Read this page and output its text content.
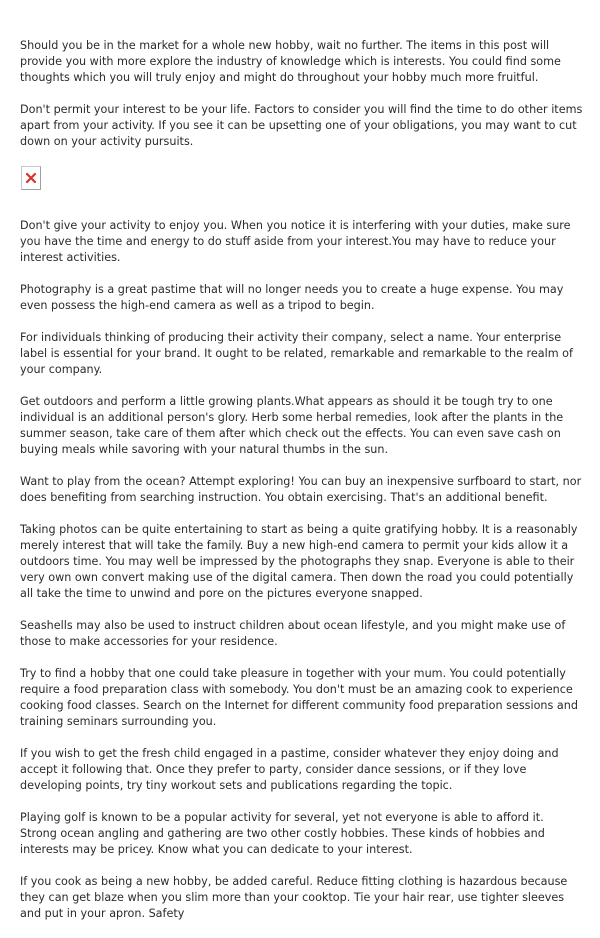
Should you be in the market for a whole new hobby, wait no further. The items in this post will provide you with more explore the industry of knowledge which is interests. You could find some thoughts which you will truly enjoy and might do throughout your hobby much more fruitful.

Don't permit your interest to be your life. Factors to consider you will find the time to do other items apart from your activity. If you see it can be upsetting one of your obligations, you may want to cut down on your activity pursuits.

Don't give your activity to enjoy you. When you notice it is interfering with your duties, make sure you have the time and energy to do stuff aside from your interest.You may have to reduce your interest activities.

Photography is a great pastime that will no longer needs you to create a huge expense. You may even possess the high-end camera as well as a tripod to begin.

For individuals thinking of producing their activity their company, select a name. Your enterprise label is essential for your brand. It ought to be related, remarkable and remarkable to the realm of your company.

Get outdoors and perform a little growing plants.What appears as should it be tough try to one individual is an additional person's glory. Herb some herbal remedies, look after the plants in the summer season, take care of them after which check out the effects. You can even save cash on buying meals while savoring with your natural thumbs in the sun.

Want to play from the ocean? Attempt exploring! You can buy an inexpensive surfboard to start, nor does benefiting from searching instruction. You obtain exercising. That's an additional benefit.

Taking photos can be quite entertaining to start as being a quite gratifying hobby. It is a reasonably merely interest that will take the family. Buy a new high-end camera to permit your kids allow it a outdoors time. You may well be impressed by the photographs they snap. Everyone is able to their very own own convert making use of the digital camera. Then down the road you could potentially all take the time to unwind and pore on the pictures everyone snapped.

Seashells may also be used to instruct children about ocean lifestyle, and you might make use of those to make accessories for your residence.

Try to find a hobby that one could take pleasure in together with your mum. You could potentially require a food preparation class with somebody. You don't must be an amazing cook to experience cooking food classes. Search on the Internet for different community food preparation sessions and training seminars surrounding you.

If you wish to get the fresh child engaged in a pastime, consider whatever they enjoy doing and accept it following that. Once they prefer to party, consider dance sessions, or if they love developing points, try tiny workout sets and publications regarding the topic.

Playing golf is known to be a popular activity for several, yet not everyone is able to afford it. Strong ocean angling and gathering are two other costly hobbies. These kinds of hobbies and interests may be pricey. Know what you can dedicate to your interest.

If you cook as being a new hobby, be added careful. Reduce fitting clothing is hazardous because they can get blaze when you slim more than your cooktop. Tie your hair rear, use tighter sleeves and put in your apron. Safety
